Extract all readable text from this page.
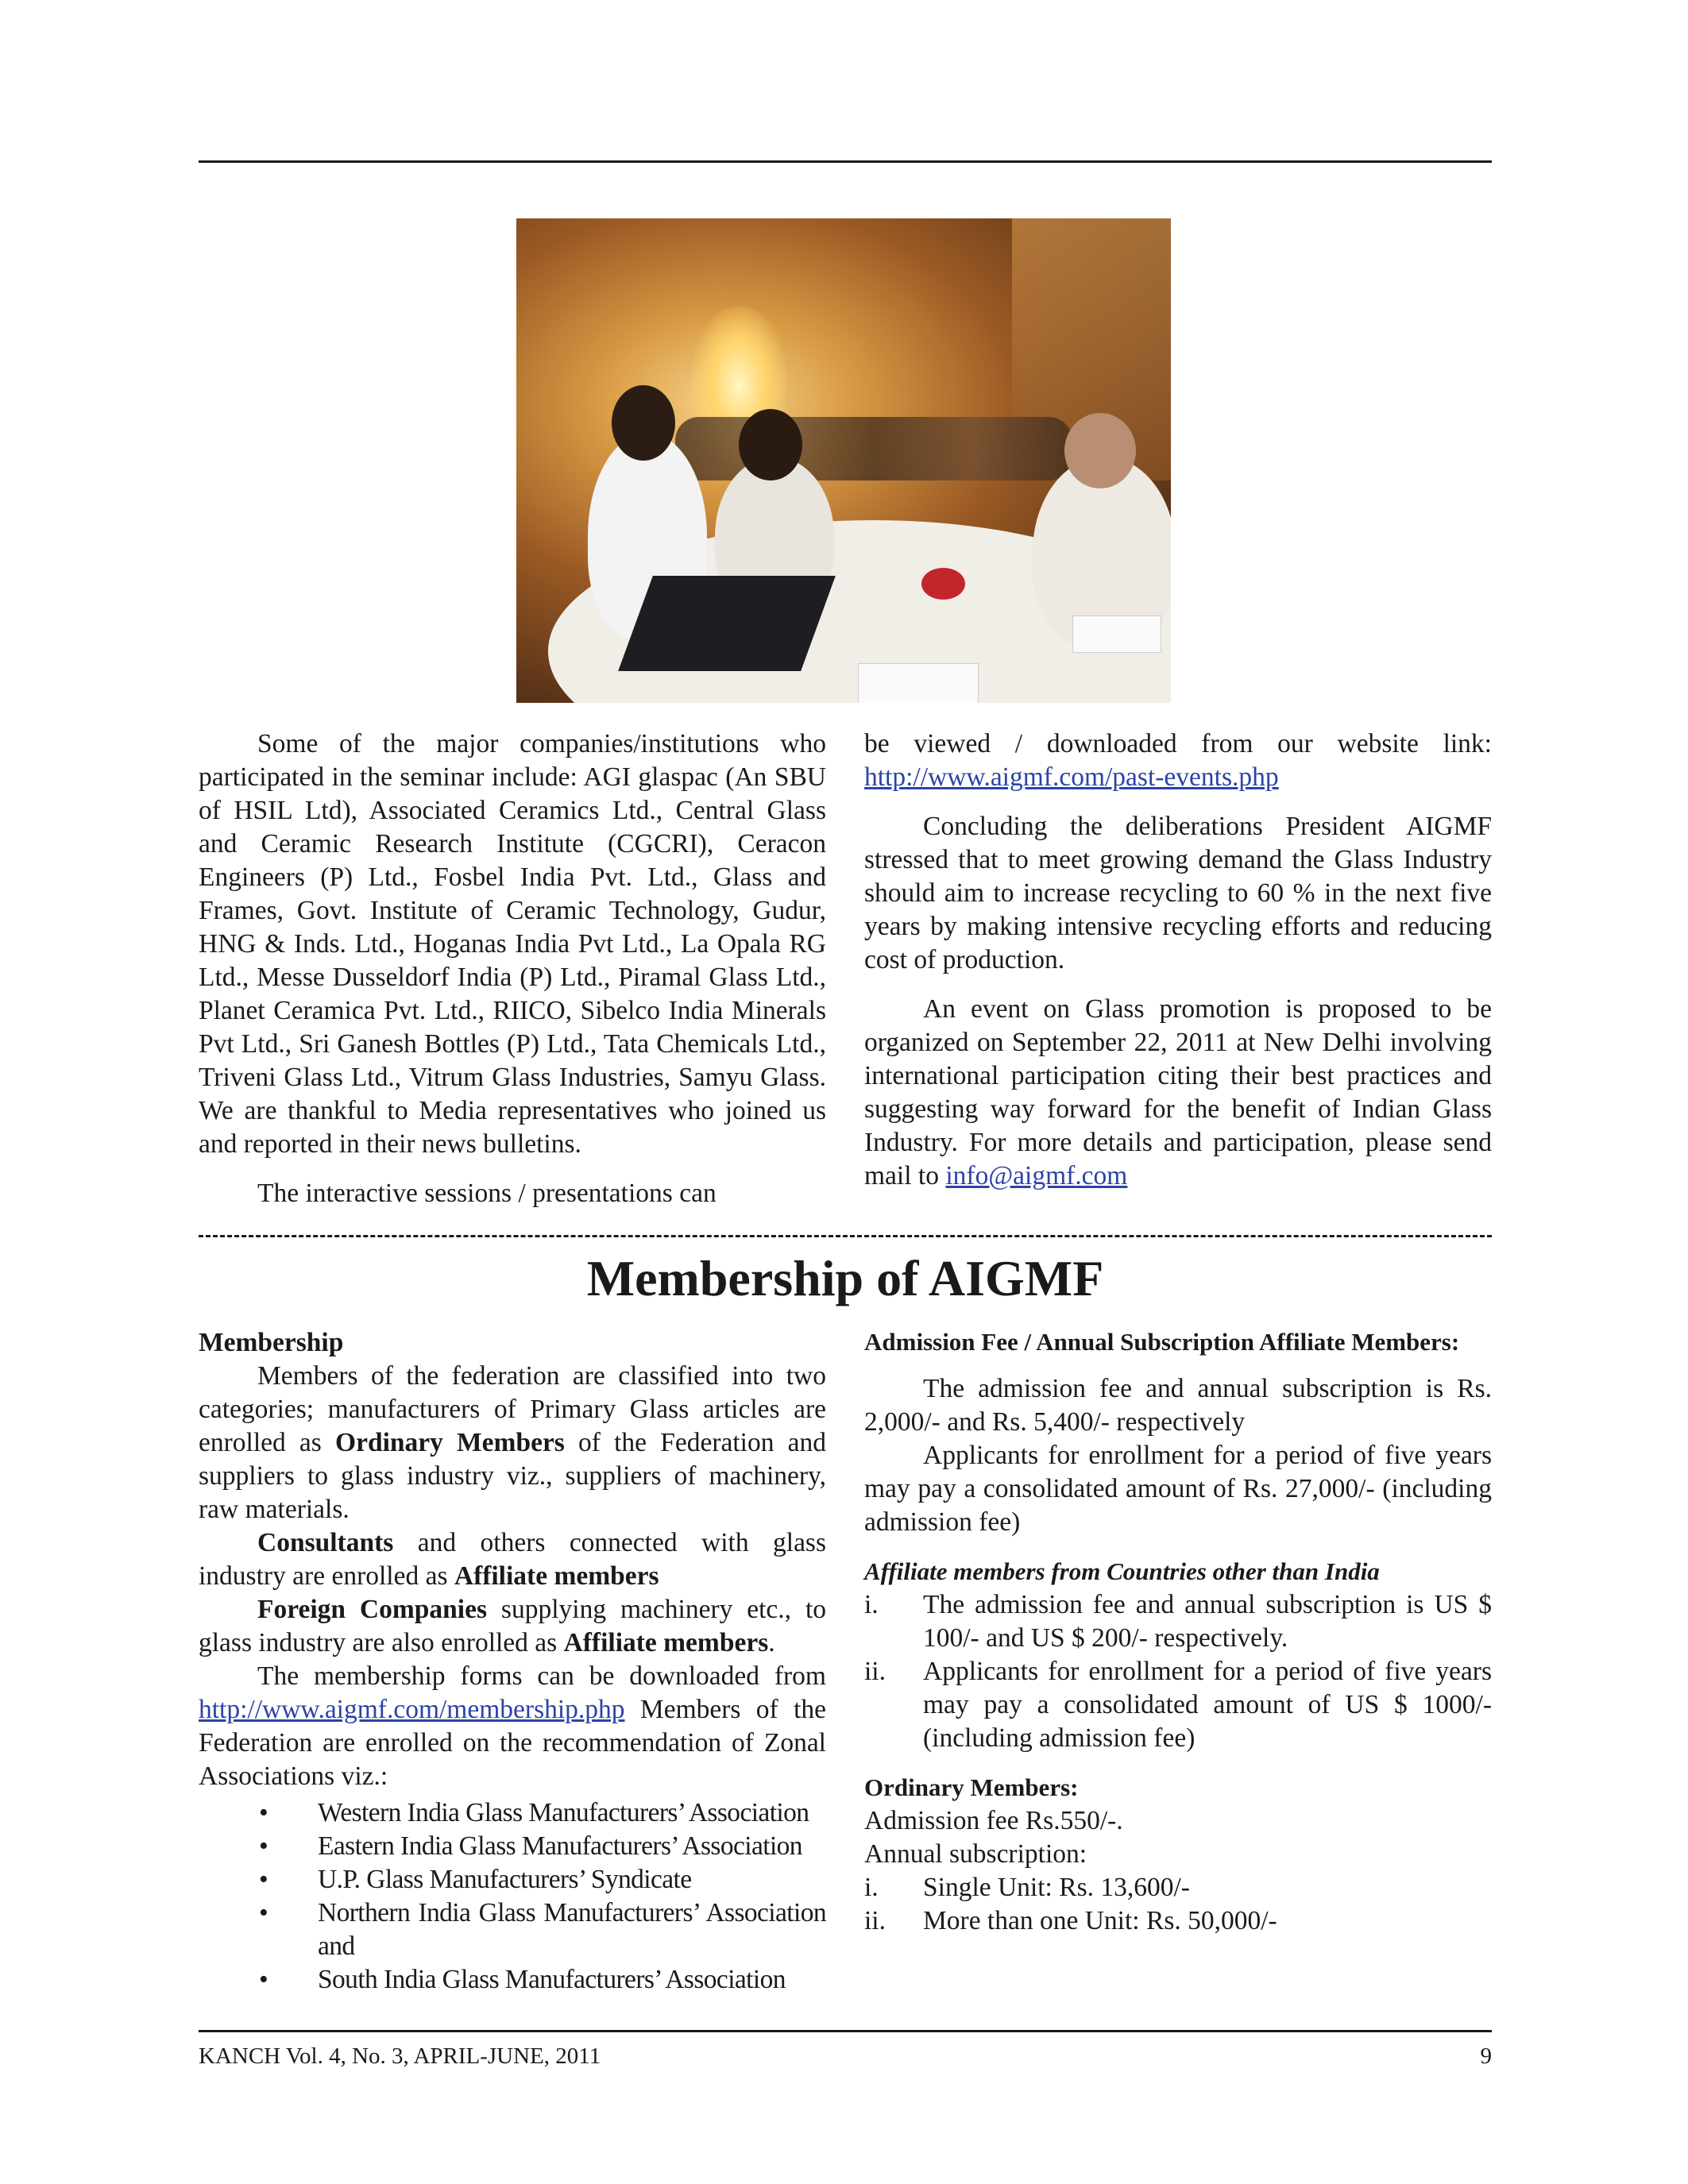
Some of the major companies/institutions who participated in the seminar include: AGI glaspac (An SBU of HSIL Ltd), Associated Ceramics Ltd., Central Glass and Ceramic Research Institute (CGCRI), Ceracon Engineers (P) Ltd., Fosbel India Pvt. Ltd., Glass and Frames, Govt. Institute of Ceramic Technology, Gudur, HNG & Inds. Ltd., Hoganas India Pvt Ltd., La Opala RG Ltd., Messe Dusseldorf India (P) Ltd., Piramal Glass Ltd., Planet Ceramica Pvt. Ltd., RIICO, Sibelco India Minerals Pvt Ltd., Sri Ganesh Bottles (P) Ltd., Tata Chemicals Ltd., Triveni Glass Ltd., Vitrum Glass Industries, Samyu Glass. We are thankful to Media representatives who joined us and reported in their news bulletins.

The interactive sessions / presentations can

be viewed / downloaded from our website link: http://www.aigmf.com/past-events.php

Concluding the deliberations President AIGMF stressed that to meet growing demand the Glass Industry should aim to increase recycling to 60 % in the next five years by making intensive recycling efforts and reducing cost of production.

An event on Glass promotion is proposed to be organized on September 22, 2011 at New Delhi involving international participation citing their best practices and suggesting way forward for the benefit of Indian Glass Industry. For more details and participation, please send mail to info@aigmf.com

Membership of AIGMF

Membership

Members of the federation are classified into two categories; manufacturers of Primary Glass articles are enrolled as Ordinary Members of the Federation and suppliers to glass industry viz., suppliers of machinery, raw materials.

Consultants and others connected with glass industry are enrolled as Affiliate members

Foreign Companies supplying machinery etc., to glass industry are also enrolled as Affiliate members.

The membership forms can be downloaded from http://www.aigmf.com/membership.php Members of the Federation are enrolled on the recommendation of Zonal Associations viz.:

• Western India Glass Manufacturers’ Association
• Eastern India Glass Manufacturers’ Association
• U.P. Glass Manufacturers’ Syndicate
• Northern India Glass Manufacturers’ Association and
• South India Glass Manufacturers’ Association

Admission Fee / Annual Subscription Affiliate Members:

The admission fee and annual subscription is Rs. 2,000/- and Rs. 5,400/- respectively

Applicants for enrollment for a period of five years may pay a consolidated amount of Rs. 27,000/- (including admission fee)

Affiliate members from Countries other than India

i. The admission fee and annual subscription is US $ 100/- and US $ 200/- respectively.
ii. Applicants for enrollment for a period of five years may pay a consolidated amount of US $ 1000/- (including admission fee)

Ordinary Members:

Admission fee Rs.550/-.

Annual subscription:

i. Single Unit: Rs. 13,600/-
ii. More than one Unit: Rs. 50,000/-
KANCH Vol. 4, No. 3, APRIL-JUNE, 2011	9
